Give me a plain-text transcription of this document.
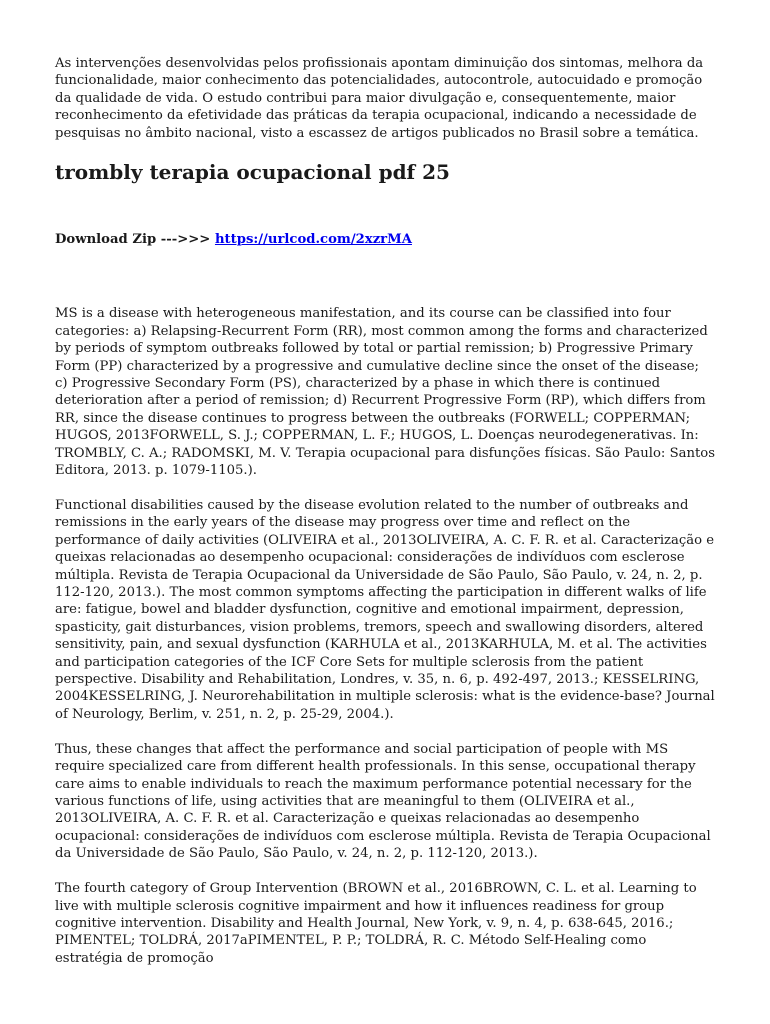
As intervenções desenvolvidas pelos profissionais apontam diminuição dos sintomas, melhora da funcionalidade, maior conhecimento das potencialidades, autocontrole, autocuidado e promoção da qualidade de vida. O estudo contribui para maior divulgação e, consequentemente, maior reconhecimento da efetividade das práticas da terapia ocupacional, indicando a necessidade de pesquisas no âmbito nacional, visto a escassez de artigos publicados no Brasil sobre a temática.

trombly terapia ocupacional pdf 25
Download Zip --->>> https://urlcod.com/2xzrMA

MS is a disease with heterogeneous manifestation, and its course can be classified into four categories: a) Relapsing-Recurrent Form (RR), most common among the forms and characterized by periods of symptom outbreaks followed by total or partial remission; b) Progressive Primary Form (PP) characterized by a progressive and cumulative decline since the onset of the disease; c) Progressive Secondary Form (PS), characterized by a phase in which there is continued deterioration after a period of remission; d) Recurrent Progressive Form (RP), which differs from RR, since the disease continues to progress between the outbreaks (FORWELL; COPPERMAN; HUGOS, 2013FORWELL, S. J.; COPPERMAN, L. F.; HUGOS, L. Doenças neurodegenerativas. In: TROMBLY, C. A.; RADOMSKI, M. V. Terapia ocupacional para disfunções físicas. São Paulo: Santos Editora, 2013. p. 1079-1105.).

Functional disabilities caused by the disease evolution related to the number of outbreaks and remissions in the early years of the disease may progress over time and reflect on the performance of daily activities (OLIVEIRA et al., 2013OLIVEIRA, A. C. F. R. et al. Caracterização e queixas relacionadas ao desempenho ocupacional: considerações de indivíduos com esclerose múltipla. Revista de Terapia Ocupacional da Universidade de São Paulo, São Paulo, v. 24, n. 2, p. 112-120, 2013.). The most common symptoms affecting the participation in different walks of life are: fatigue, bowel and bladder dysfunction, cognitive and emotional impairment, depression, spasticity, gait disturbances, vision problems, tremors, speech and swallowing disorders, altered sensitivity, pain, and sexual dysfunction (KARHULA et al., 2013KARHULA, M. et al. The activities and participation categories of the ICF Core Sets for multiple sclerosis from the patient perspective. Disability and Rehabilitation, Londres, v. 35, n. 6, p. 492-497, 2013.; KESSELRING, 2004KESSELRING, J. Neurorehabilitation in multiple sclerosis: what is the evidence-base? Journal of Neurology, Berlim, v. 251, n. 2, p. 25-29, 2004.).

Thus, these changes that affect the performance and social participation of people with MS require specialized care from different health professionals. In this sense, occupational therapy care aims to enable individuals to reach the maximum performance potential necessary for the various functions of life, using activities that are meaningful to them (OLIVEIRA et al., 2013OLIVEIRA, A. C. F. R. et al. Caracterização e queixas relacionadas ao desempenho ocupacional: considerações de indivíduos com esclerose múltipla. Revista de Terapia Ocupacional da Universidade de São Paulo, São Paulo, v. 24, n. 2, p. 112-120, 2013.).

The fourth category of Group Intervention (BROWN et al., 2016BROWN, C. L. et al. Learning to live with multiple sclerosis cognitive impairment and how it influences readiness for group cognitive intervention. Disability and Health Journal, New York, v. 9, n. 4, p. 638-645, 2016.; PIMENTEL; TOLDRÁ, 2017aPIMENTEL, P. P.; TOLDRÁ, R. C. Método Self-Healing como estratégia de promoção
